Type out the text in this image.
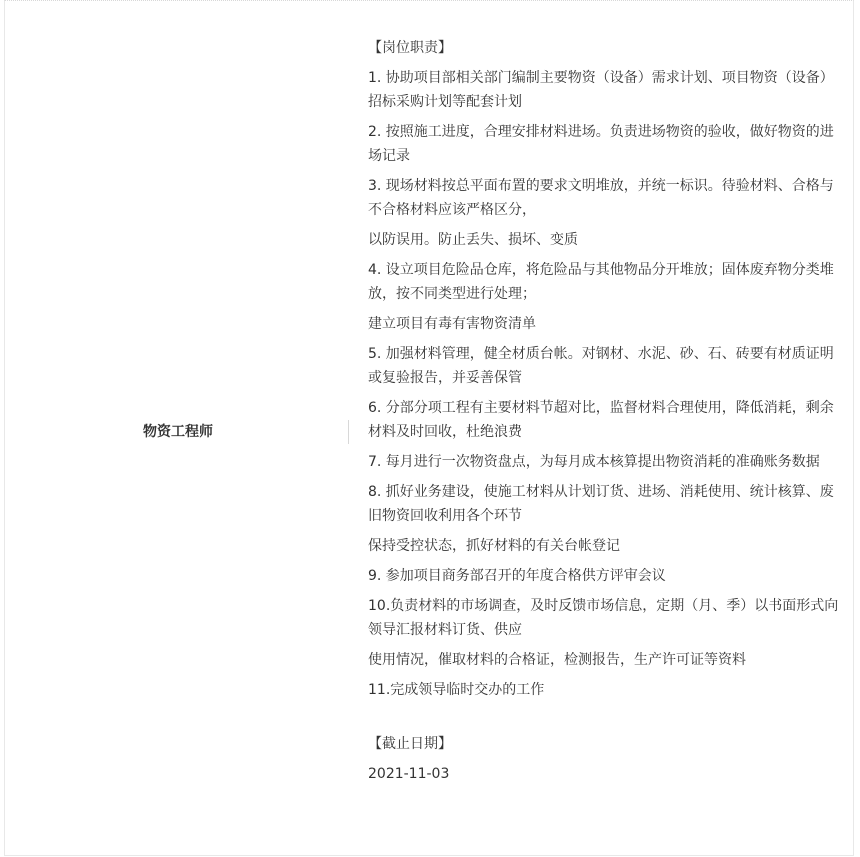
物资工程师

【岗位职责】

1. 协助项目部相关部门编制主要物资（设备）需求计划、项目物资（设备）招标采购计划等配套计划

2. 按照施工进度，合理安排材料进场。负责进场物资的验收，做好物资的进场记录

3. 现场材料按总平面布置的要求文明堆放，并统一标识。待验材料、合格与不合格材料应该严格区分，

以防误用。防止丢失、损坏、变质

4. 设立项目危险品仓库，将危险品与其他物品分开堆放；固体废弃物分类堆放，按不同类型进行处理；

建立项目有毒有害物资清单

5. 加强材料管理，健全材质台帐。对钢材、水泥、砂、石、砖要有材质证明或复验报告，并妥善保管

6. 分部分项工程有主要材料节超对比，监督材料合理使用，降低消耗，剩余材料及时回收，杜绝浪费

7. 每月进行一次物资盘点，为每月成本核算提出物资消耗的准确账务数据

8. 抓好业务建设，使施工材料从计划订货、进场、消耗使用、统计核算、废旧物资回收利用各个环节

保持受控状态，抓好材料的有关台帐登记

9. 参加项目商务部召开的年度合格供方评审会议

10.负责材料的市场调查，及时反馈市场信息，定期（月、季）以书面形式向领导汇报材料订货、供应

使用情况，催取材料的合格证，检测报告，生产许可证等资料

11.完成领导临时交办的工作

【截止日期】

2021-11-03
